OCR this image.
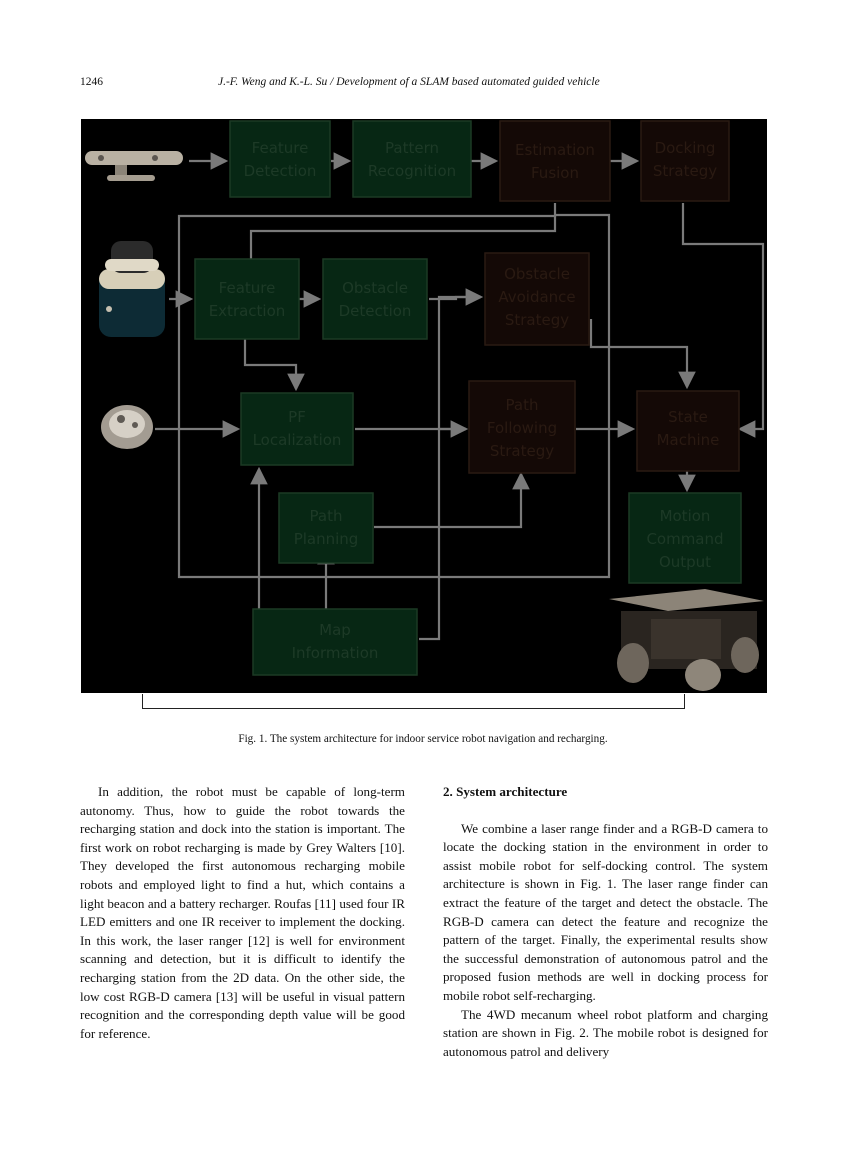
1246	J.-F. Weng and K.-L. Su / Development of a SLAM based automated guided vehicle
Feature Detection
Pattern Recognition
Estimation Fusion
Docking Strategy
Feature Extraction
Obstacle Detection
Obstacle Avoidance Strategy
PF Localization
Path Following Strategy
State Machine
Path Planning
Motion Command Output
Map Information
Fig. 1. The system architecture for indoor service robot navigation and recharging.

In addition, the robot must be capable of long-term autonomy. Thus, how to guide the robot towards the recharging station and dock into the station is important. The first work on robot recharging is made by Grey Walters [10]. They developed the first autonomous recharging mobile robots and employed light to find a hut, which contains a light beacon and a battery recharger. Roufas [11] used four IR LED emitters and one IR receiver to implement the docking. In this work, the laser ranger [12] is well for environment scanning and detection, but it is difficult to identify the recharging station from the 2D data. On the other side, the low cost RGB-D camera [13] will be useful in visual pattern recognition and the corresponding depth value will be good for reference.

2. System architecture

We combine a laser range finder and a RGB-D camera to locate the docking station in the environment in order to assist mobile robot for self-docking control. The system architecture is shown in Fig. 1. The laser range finder can extract the feature of the target and detect the obstacle. The RGB-D camera can detect the feature and recognize the pattern of the target. Finally, the experimental results show the successful demonstration of autonomous patrol and the proposed fusion methods are well in docking process for mobile robot self-recharging.

The 4WD mecanum wheel robot platform and charging station are shown in Fig. 2. The mobile robot is designed for autonomous patrol and delivery
